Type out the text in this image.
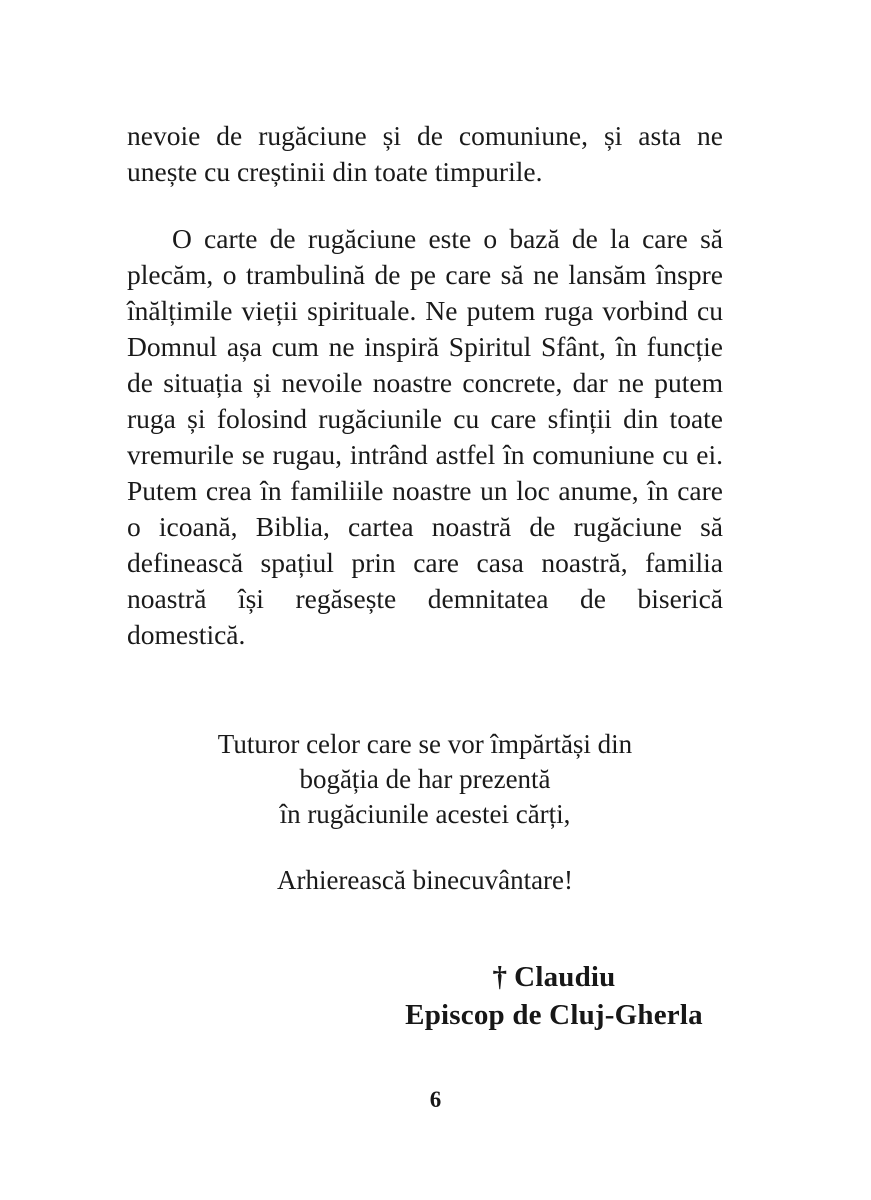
nevoie de rugăciune și de comuniune, și asta ne unește cu creștinii din toate timpurile.

O carte de rugăciune este o bază de la care să plecăm, o trambulină de pe care să ne lansăm înspre înălțimile vieții spirituale. Ne putem ruga vorbind cu Domnul așa cum ne inspiră Spiritul Sfânt, în funcție de situația și nevoile noastre concrete, dar ne putem ruga și folosind rugăciunile cu care sfinții din toate vremurile se rugau, intrând astfel în comuniune cu ei. Putem crea în familiile noastre un loc anume, în care o icoană, Biblia, cartea noastră de rugăciune să definească spațiul prin care casa noastră, familia noastră își regăsește demnitatea de biserică domestică.

Tuturor celor care se vor împărtăși din
bogăția de har prezentă
în rugăciunile acestei cărți,
Arhierească binecuvântare!
† Claudiu
Episcop de Cluj-Gherla
6
